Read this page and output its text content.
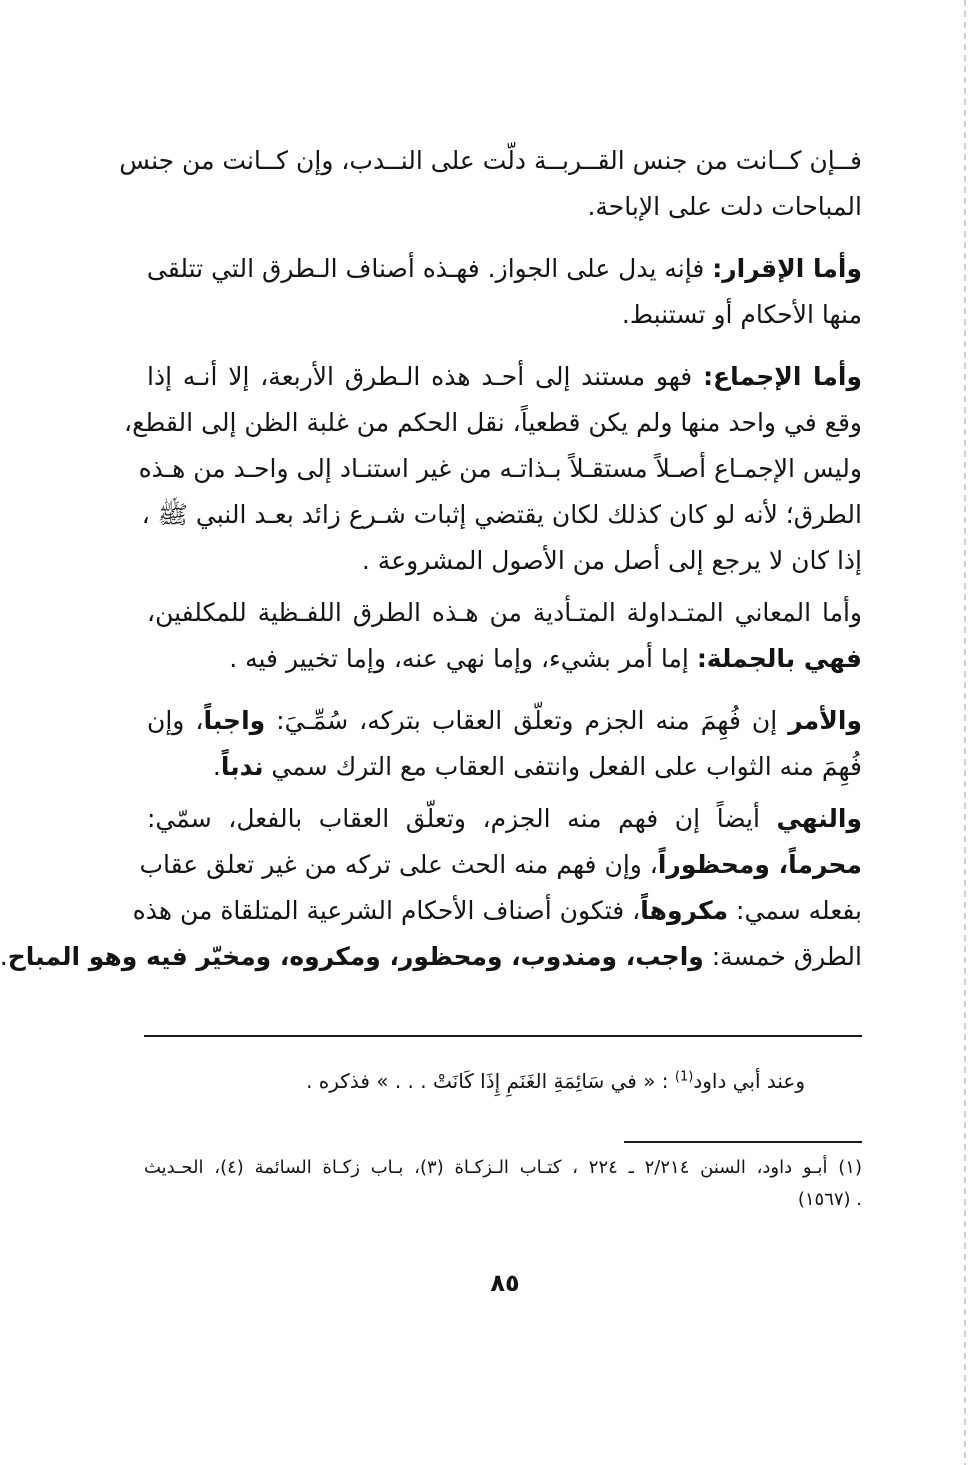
فــإن كــانت من جنس القــربــة دلّت على النــدب، وإن كــانت من جنس
المباحات دلت على الإباحة.
وأما الإقرار: فإنه يدل على الجواز. فهـذه أصناف الـطرق التي تتلقى
منها الأحكام أو تستنبط.
وأما الإجماع: فهو مستند إلى أحـد هذه الـطرق الأربعة، إلا أنـه إذا
وقع في واحد منها ولم يكن قطعياً، نقل الحكم من غلبة الظن إلى القطع،
وليس الإجمـاع أصـلاً مستقـلاً بـذاتـه من غير استنـاد إلى واحـد من هـذه
الطرق؛ لأنه لو كان كذلك لكان يقتضي إثبات شـرع زائد بعـد النبي ﷺ ،
إذا كان لا يرجع إلى أصل من الأصول المشروعة .
وأما المعاني المتـداولة المتـأدية من هـذه الطرق اللفـظية للمكلفين،
فهي بالجملة: إما أمر بشيء، وإما نهي عنه، وإما تخيير فيه .
والأمر إن فُهِمَ منه الجزم وتعلّق العقاب بتركه، سُمِّـيَ: واجباً، وإن
فُهِمَ منه الثواب على الفعل وانتفى العقاب مع الترك سمي ندباً.
والنهي أيضاً إن فهم منه الجزم، وتعلّق العقاب بالفعل، سمّي:
محرماً، ومحظوراً، وإن فهم منه الحث على تركه من غير تعلق عقاب
بفعله سمي: مكروهاً، فتكون أصناف الأحكام الشرعية المتلقاة من هذه
الطرق خمسة: واجب، ومندوب، ومحظور، ومكروه، ومخيّر فيه وهو المباح.
وعند أبي داود$^{(1)}$ : « في سَائِمَةِ الغَنَمِ إِذَا كَانَتْ . . . » فذكره .
(١) أبـو داود، السنن ٢/٢١٤ ـ ٢٢٤ ، كتـاب الـزكـاة (٣)، بـاب زكـاة السائمة (٤)، الحـديث
. (١٥٦٧)
٨٥
